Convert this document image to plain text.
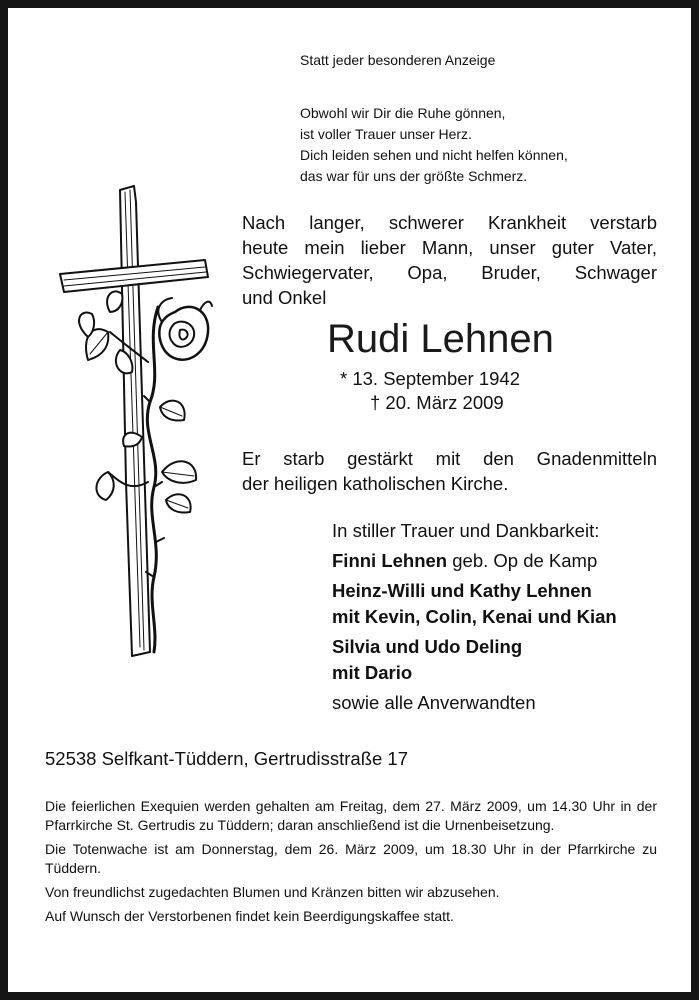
Statt jeder besonderen Anzeige
Obwohl wir Dir die Ruhe gönnen,
ist voller Trauer unser Herz.
Dich leiden sehen und nicht helfen können,
das war für uns der größte Schmerz.
Nach langer, schwerer Krankheit verstarb
heute mein lieber Mann, unser guter Vater,
Schwiegervater, Opa, Bruder, Schwager
und Onkel
Rudi Lehnen
* 13. September 1942
† 20. März 2009
Er starb gestärkt mit den Gnadenmitteln
der heiligen katholischen Kirche.
In stiller Trauer und Dankbarkeit:
Finni Lehnen geb. Op de Kamp
Heinz-Willi und Kathy Lehnen
mit Kevin, Colin, Kenai und Kian
Silvia und Udo Deling
mit Dario
sowie alle Anverwandten
52538 Selfkant-Tüddern, Gertrudisstraße 17

Die feierlichen Exequien werden gehalten am Freitag, dem 27. März 2009, um 14.30 Uhr in der Pfarrkirche St. Gertrudis zu Tüddern; daran anschließend ist die Urnenbeisetzung.

Die Totenwache ist am Donnerstag, dem 26. März 2009, um 18.30 Uhr in der Pfarrkirche zu Tüddern.

Von freundlichst zugedachten Blumen und Kränzen bitten wir abzusehen.

Auf Wunsch der Verstorbenen findet kein Beerdigungskaffee statt.
